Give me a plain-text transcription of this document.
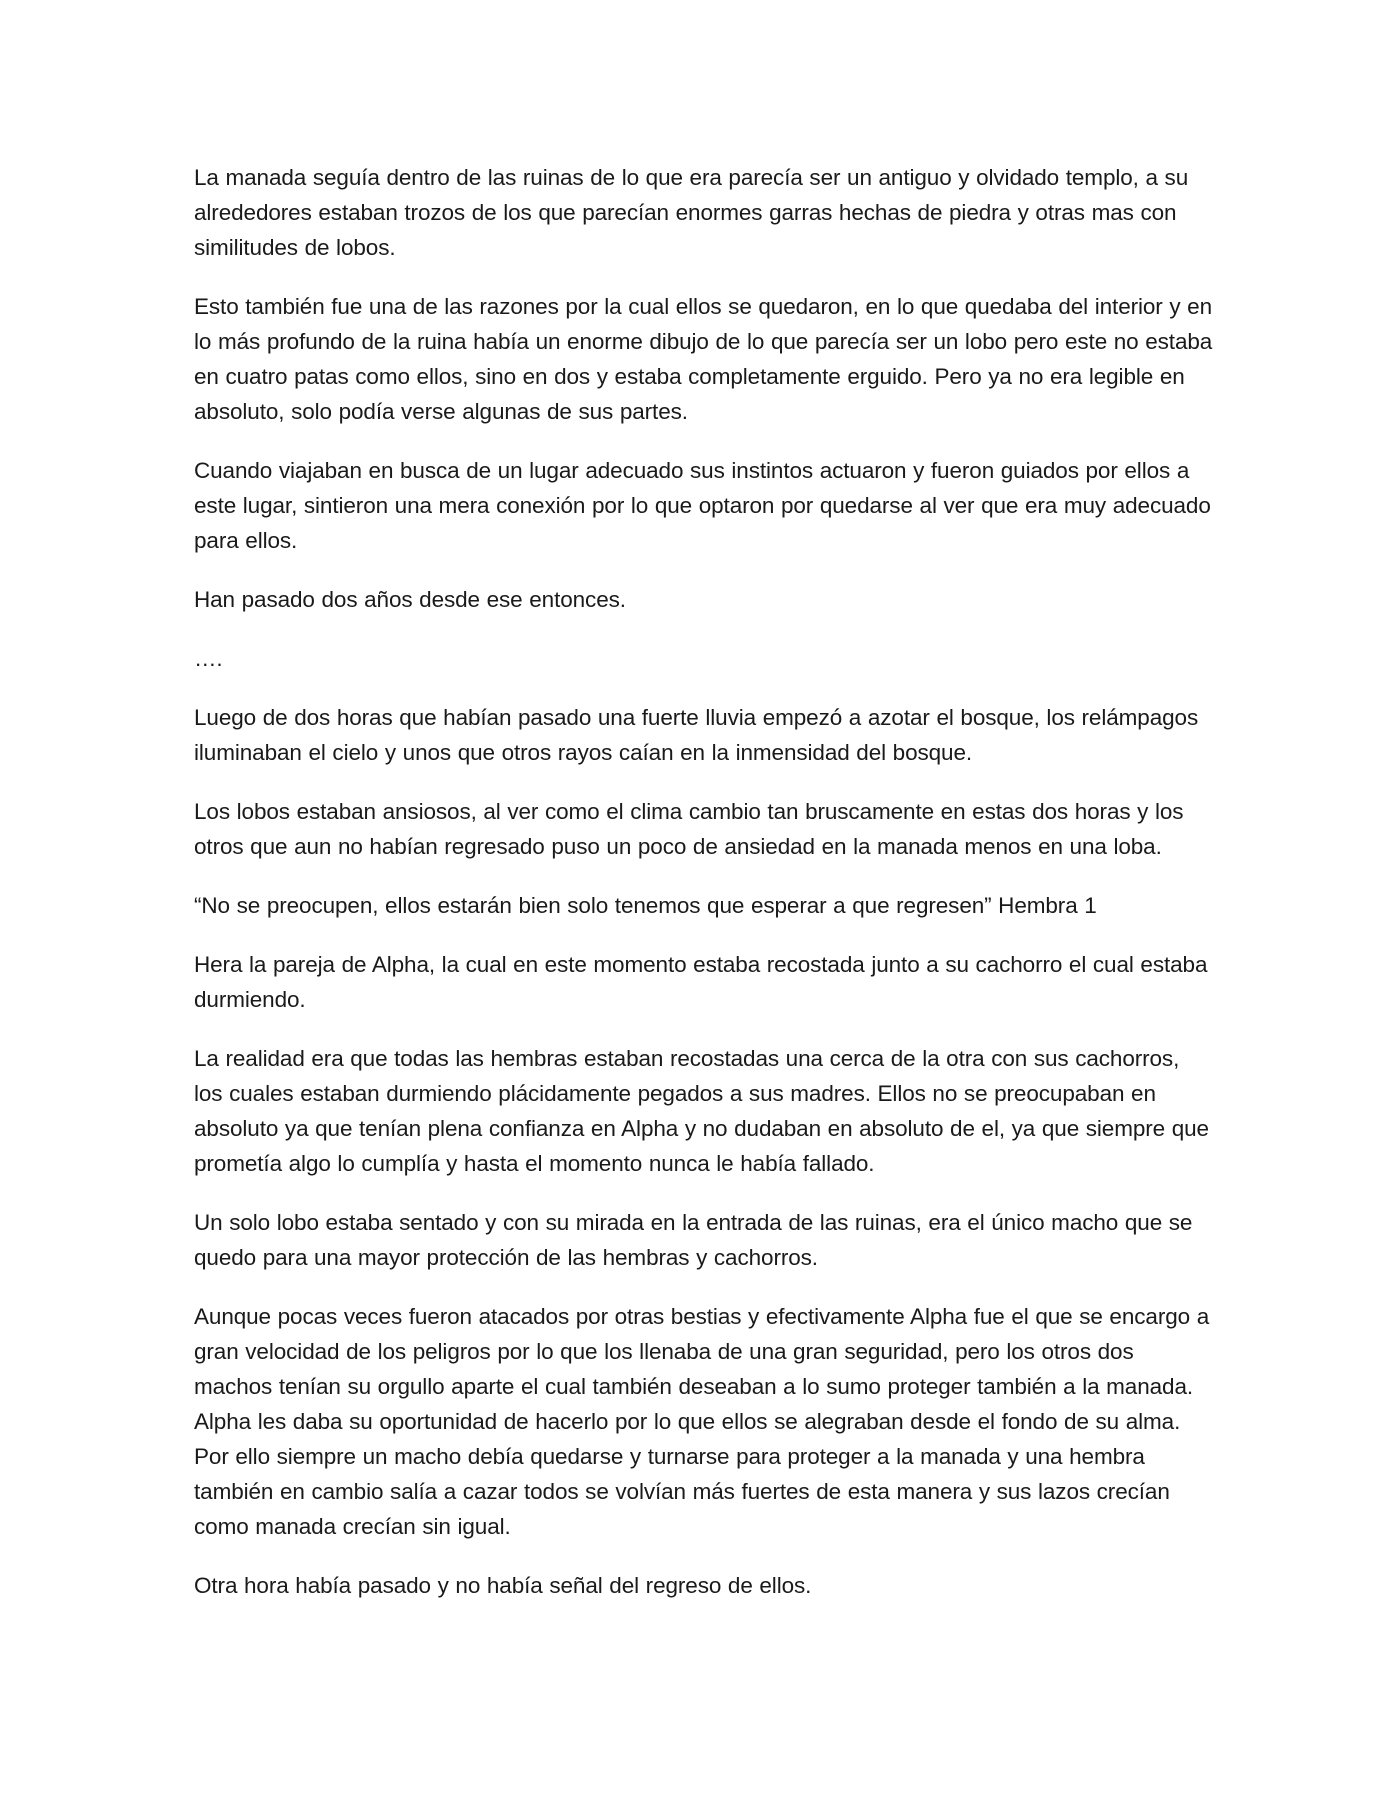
La manada seguía dentro de las ruinas de lo que era parecía ser un antiguo y olvidado templo, a su alrededores estaban trozos de los que parecían enormes garras hechas de piedra y otras mas con similitudes de lobos.

Esto también fue una de las razones por la cual ellos se quedaron, en lo que quedaba del interior y en lo más profundo de la ruina había un enorme dibujo de lo que parecía ser un lobo pero este no estaba en cuatro patas como ellos, sino en dos y estaba completamente erguido. Pero ya no era legible en absoluto, solo podía verse algunas de sus partes.

Cuando viajaban en busca de un lugar adecuado sus instintos actuaron y fueron guiados por ellos a este lugar, sintieron una mera conexión por lo que optaron por quedarse al ver que era muy adecuado para ellos.

Han pasado dos años desde ese entonces.

….

Luego de dos horas que habían pasado una fuerte lluvia empezó a azotar el bosque, los relámpagos iluminaban el cielo y unos que otros rayos caían en la inmensidad del bosque.

Los lobos estaban ansiosos, al ver como el clima cambio tan bruscamente en estas dos horas y los otros que aun no habían regresado puso un poco de ansiedad en la manada menos en una loba.

“No se preocupen, ellos estarán bien solo tenemos que esperar a que regresen” Hembra 1

Hera la pareja de Alpha, la cual en este momento estaba recostada junto a su cachorro el cual estaba durmiendo.

La realidad era que todas las hembras estaban recostadas una cerca de la otra con sus cachorros, los cuales estaban durmiendo plácidamente pegados a sus madres. Ellos no se preocupaban en absoluto ya que tenían plena confianza en Alpha y no dudaban en absoluto de el, ya que siempre que prometía algo lo cumplía y hasta el momento nunca le había fallado.

Un solo lobo estaba sentado y con su mirada en la entrada de las ruinas, era el único macho que se quedo para una mayor protección de las hembras y cachorros.

Aunque pocas veces fueron atacados por otras bestias y efectivamente Alpha fue el que se encargo a gran velocidad de los peligros por lo que los llenaba de una gran seguridad, pero los otros dos machos tenían su orgullo aparte el cual también deseaban a lo sumo proteger también a la manada. Alpha les daba su oportunidad de hacerlo por lo que ellos se alegraban desde el fondo de su alma. Por ello siempre un macho debía quedarse y turnarse para proteger a la manada y una hembra también en cambio salía a cazar todos se volvían más fuertes de esta manera y sus lazos crecían como manada crecían sin igual.

Otra hora había pasado y no había señal del regreso de ellos.
